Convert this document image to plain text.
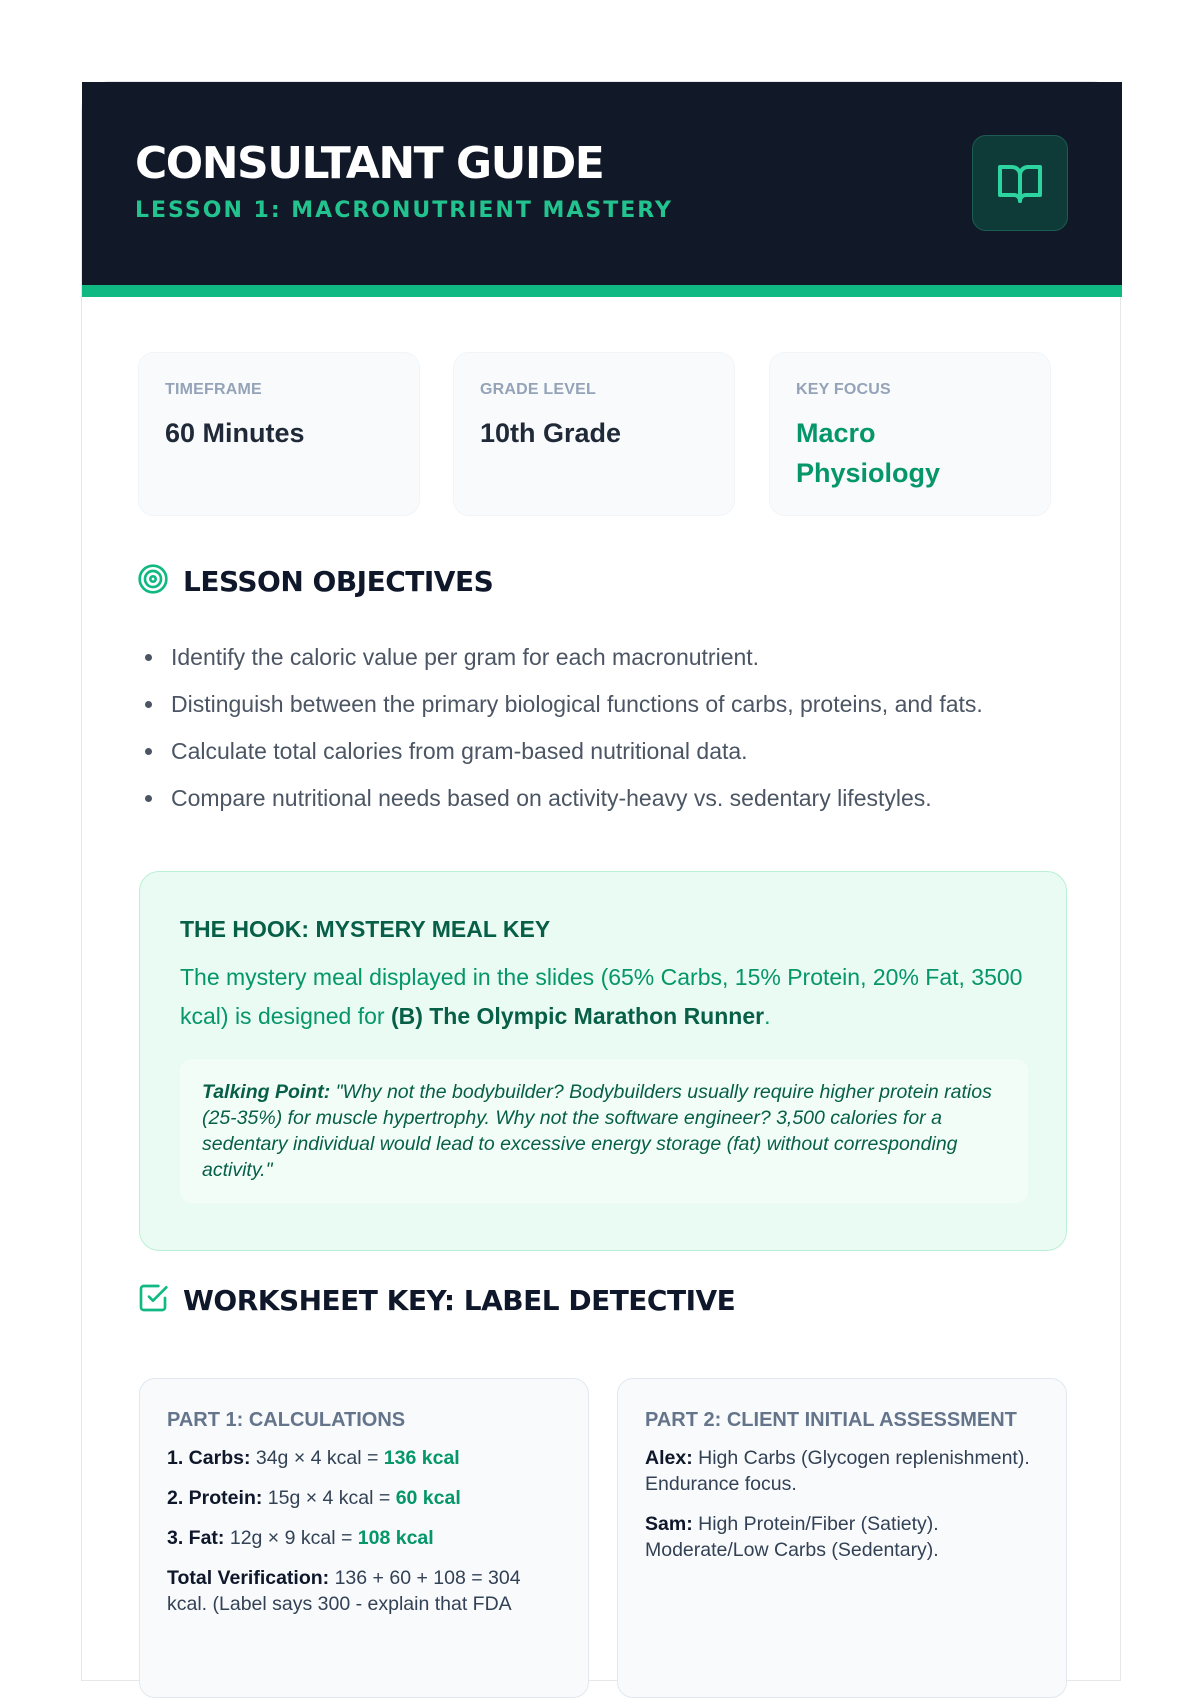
CONSULTANT GUIDE
LESSON 1: MACRONUTRIENT MASTERY
TIMEFRAME
60 Minutes
GRADE LEVEL
10th Grade
KEY FOCUS
Macro Physiology
LESSON OBJECTIVES
Identify the caloric value per gram for each macronutrient.
Distinguish between the primary biological functions of carbs, proteins, and fats.
Calculate total calories from gram-based nutritional data.
Compare nutritional needs based on activity-heavy vs. sedentary lifestyles.
THE HOOK: MYSTERY MEAL KEY
The mystery meal displayed in the slides (65% Carbs, 15% Protein, 20% Fat, 3500 kcal) is designed for (B) The Olympic Marathon Runner.
Talking Point: "Why not the bodybuilder? Bodybuilders usually require higher protein ratios (25-35%) for muscle hypertrophy. Why not the software engineer? 3,500 calories for a sedentary individual would lead to excessive energy storage (fat) without corresponding activity."
WORKSHEET KEY: LABEL DETECTIVE
PART 1: CALCULATIONS
1. Carbs: 34g × 4 kcal = 136 kcal
2. Protein: 15g × 4 kcal = 60 kcal
3. Fat: 12g × 9 kcal = 108 kcal
Total Verification: 136 + 60 + 108 = 304 kcal. (Label says 300 - explain that FDA
PART 2: CLIENT INITIAL ASSESSMENT
Alex: High Carbs (Glycogen replenishment). Endurance focus.
Sam: High Protein/Fiber (Satiety). Moderate/Low Carbs (Sedentary).
